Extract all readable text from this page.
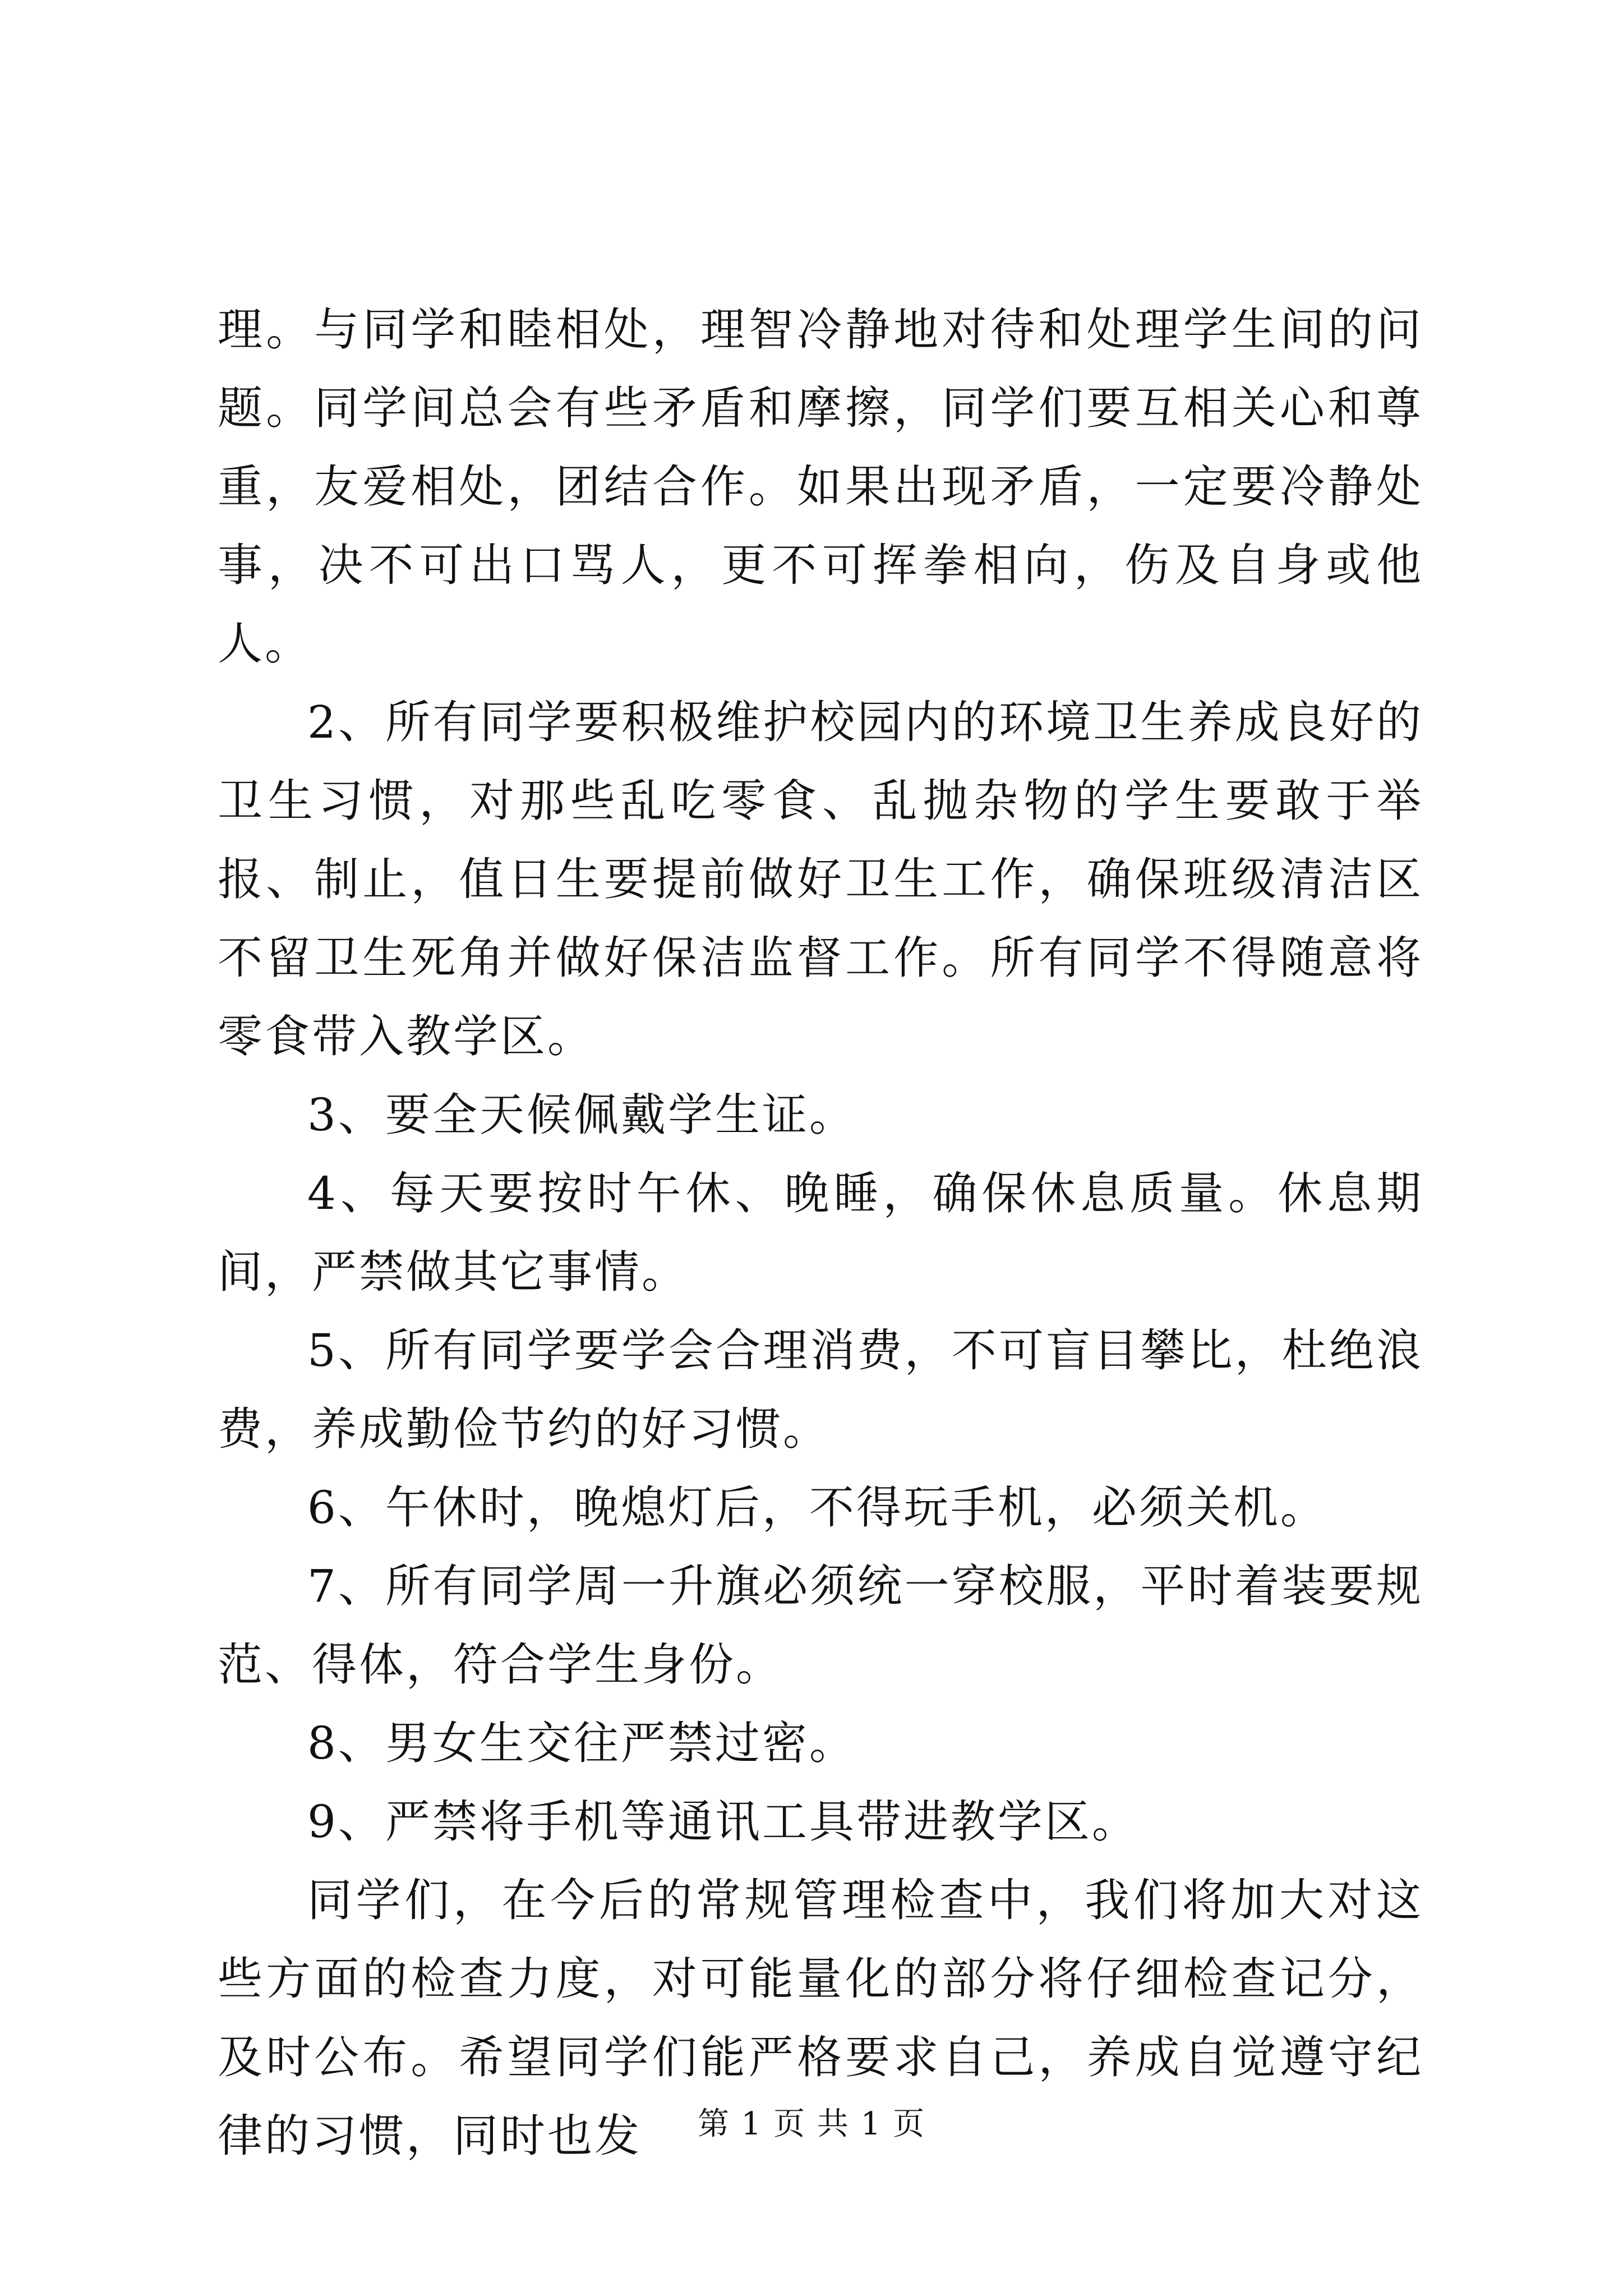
理。与同学和睦相处，理智冷静地对待和处理学生间的问题。同学间总会有些矛盾和摩擦，同学们要互相关心和尊重，友爱相处，团结合作。如果出现矛盾，一定要冷静处事，决不可出口骂人，更不可挥拳相向，伤及自身或他人。

2、所有同学要积极维护校园内的环境卫生养成良好的卫生习惯，对那些乱吃零食、乱抛杂物的学生要敢于举报、制止，值日生要提前做好卫生工作，确保班级清洁区不留卫生死角并做好保洁监督工作。所有同学不得随意将零食带入教学区。

3、要全天候佩戴学生证。

4、每天要按时午休、晚睡，确保休息质量。休息期间，严禁做其它事情。

5、所有同学要学会合理消费，不可盲目攀比，杜绝浪费，养成勤俭节约的好习惯。

6、午休时，晚熄灯后，不得玩手机，必须关机。

7、所有同学周一升旗必须统一穿校服，平时着装要规范、得体，符合学生身份。

8、男女生交往严禁过密。

9、严禁将手机等通讯工具带进教学区。

同学们，在今后的常规管理检查中，我们将加大对这些方面的检查力度，对可能量化的部分将仔细检查记分，及时公布。希望同学们能严格要求自己，养成自觉遵守纪律的习惯，同时也发	第 1 页 共 1 页
